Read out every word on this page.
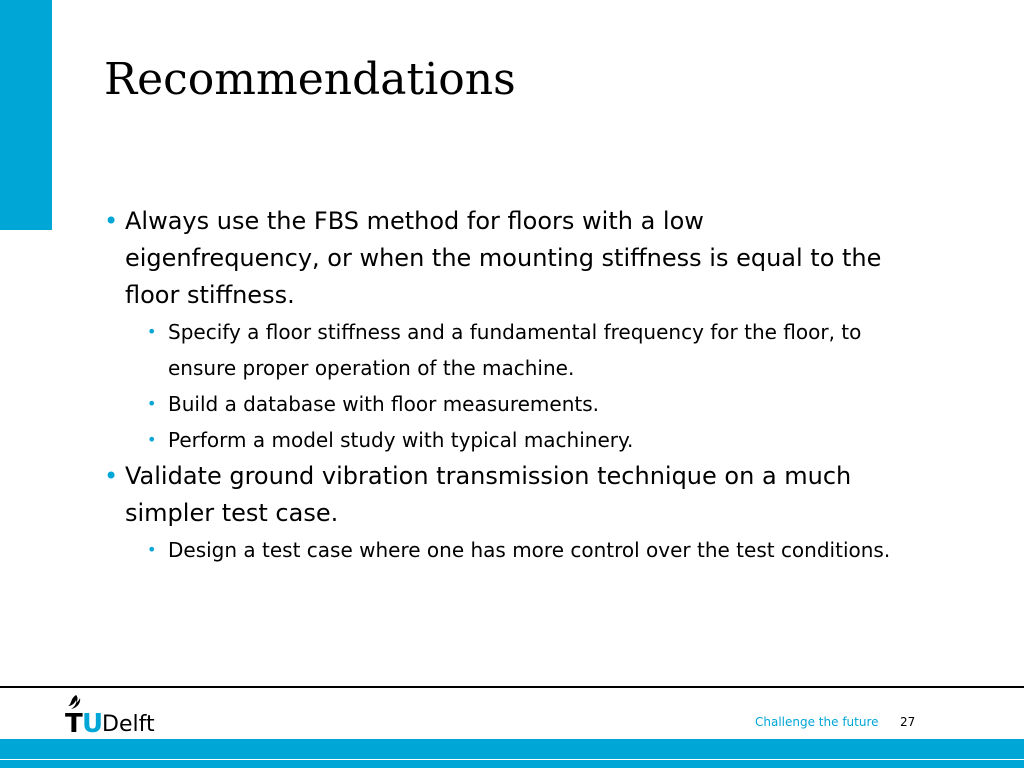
Recommendations
• Always use the FBS method for floors with a low eigenfrequency, or when the mounting stiffness is equal to the floor stiffness.
• Specify a floor stiffness and a fundamental frequency for the floor, to ensure proper operation of the machine.
• Build a database with floor measurements.
• Perform a model study with typical machinery.
• Validate ground vibration transmission technique on a much simpler test case.
• Design a test case where one has more control over the test conditions.
T U
Delft	Challenge the future 27
